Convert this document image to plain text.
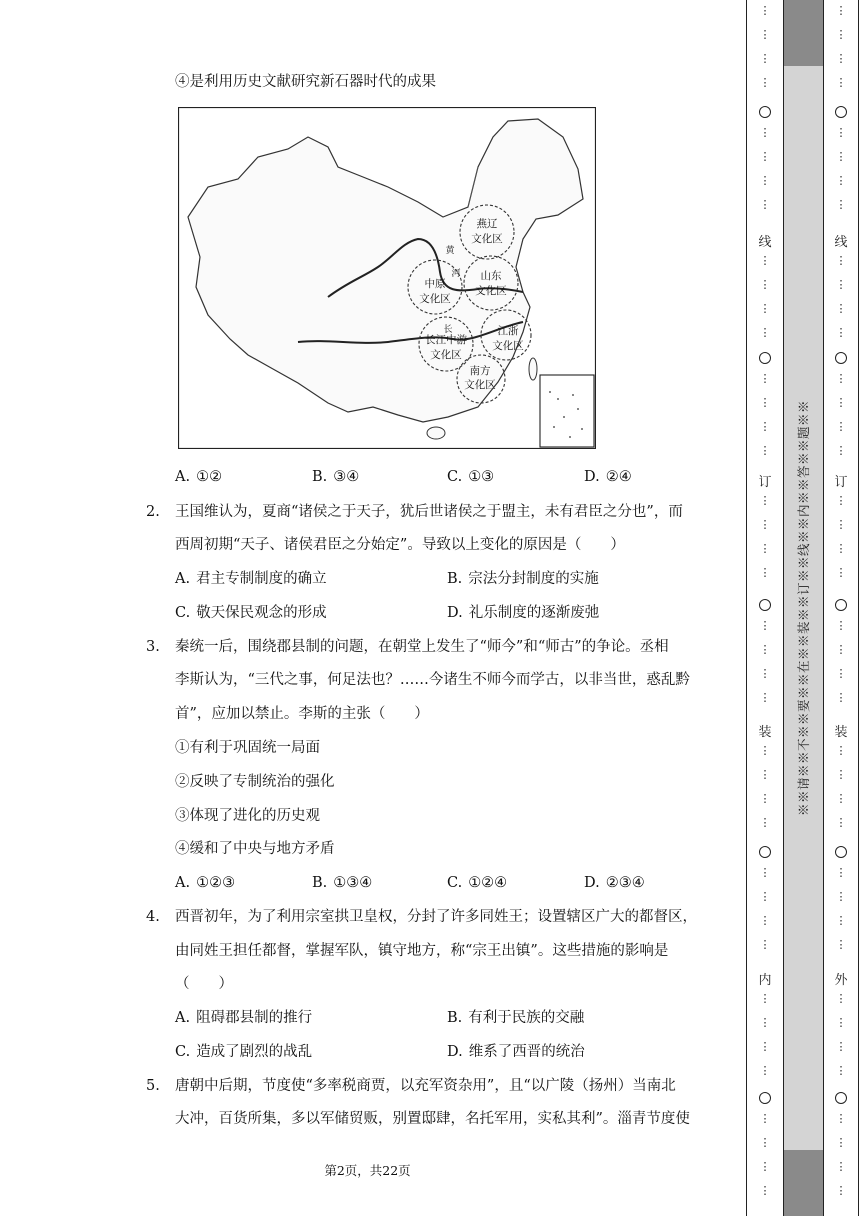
④是利用历史文献研究新石器时代的成果
燕辽
文化区
中原
文化区
山东
文化区
长江中游
文化区
江浙
文化区
南方
文化区
黄
河
长
A. ①②	B. ③④	C. ①③	D. ②④
2. 王国维认为，夏商“诸侯之于天子，犹后世诸侯之于盟主，未有君臣之分也”，而
西周初期“天子、诸侯君臣之分始定”。导致以上变化的原因是（　　）
A. 君主专制制度的确立	B. 宗法分封制度的实施
C. 敬天保民观念的形成	D. 礼乐制度的逐渐废弛
3. 秦统一后，围绕郡县制的问题，在朝堂上发生了“师今”和“师古”的争论。丞相
李斯认为，“三代之事，何足法也？……今诸生不师今而学古，以非当世，惑乱黔
首”，应加以禁止。李斯的主张（　　）
①有利于巩固统一局面
②反映了专制统治的强化
③体现了进化的历史观
④缓和了中央与地方矛盾
A. ①②③	B. ①③④	C. ①②④	D. ②③④
4. 西晋初年，为了利用宗室拱卫皇权，分封了许多同姓王；设置辖区广大的都督区，
由同姓王担任都督，掌握军队，镇守地方，称“宗王出镇”。这些措施的影响是
（　　）
A. 阻碍郡县制的推行	B. 有利于民族的交融
C. 造成了剧烈的战乱	D. 维系了西晋的统治
5. 唐朝中后期，节度使“多率税商贾，以充军资杂用”，且“以广陵（扬州）当南北
大冲，百货所集，多以军储贸贩，别置邸肆，名托军用，实私其利”。淄青节度使
第2页，共22页
※※请※※不※※要※※在※※装※※订※※线※※内※※答※※题※※
⋮
⋮
⋮
⋮
⋮
⋮
⋮
⋮
线
⋮
⋮
⋮
⋮
⋮
⋮
⋮
⋮
订
⋮
⋮
⋮
⋮
⋮
⋮
⋮
⋮
装
⋮
⋮
⋮
⋮
⋮
⋮
⋮
⋮
内
⋮
⋮
⋮
⋮
⋮
⋮
⋮
⋮
⋮
⋮
⋮
⋮
⋮
⋮
⋮
⋮
线
⋮
⋮
⋮
⋮
⋮
⋮
⋮
⋮
订
⋮
⋮
⋮
⋮
⋮
⋮
⋮
⋮
装
⋮
⋮
⋮
⋮
⋮
⋮
⋮
⋮
外
⋮
⋮
⋮
⋮
⋮
⋮
⋮
⋮
